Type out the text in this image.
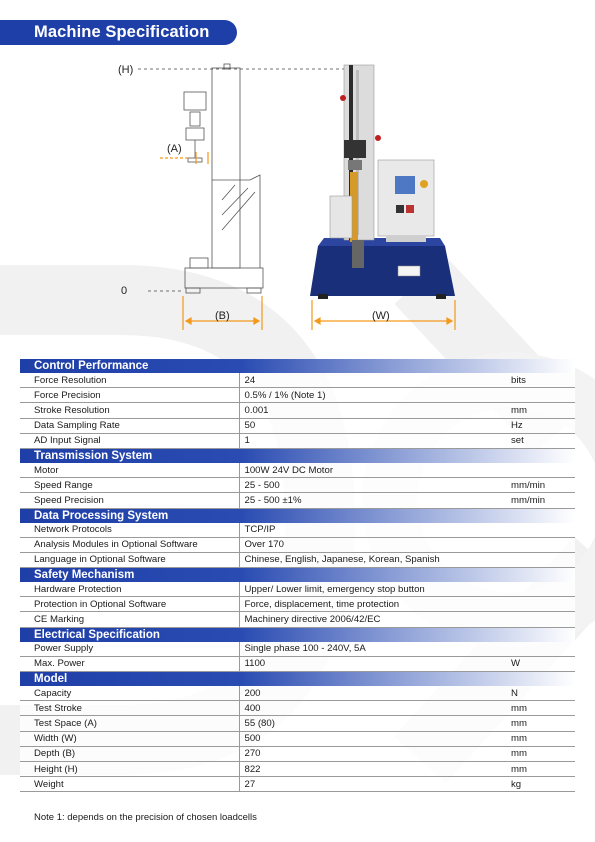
Machine Specification
(H)
(A)
0
(B)	(W)
Control Performance		
Force Resolution	24	bits
Force Precision	0.5% / 1% (Note 1)	
Stroke Resolution	0.001	mm
Data Sampling Rate	50	Hz
AD Input Signal	1	set
Transmission System		
Motor	100W 24V DC Motor	
Speed Range	25 - 500	mm/min
Speed Precision	25 - 500 ±1%	mm/min
Data Processing System		
Network Protocols	TCP/IP	
Analysis Modules in Optional Software	Over 170	
Language in Optional Software	Chinese, English, Japanese, Korean, Spanish	
Safety Mechanism		
Hardware Protection	Upper/ Lower limit, emergency stop button	
Protection in Optional Software	Force, displacement, time protection	
CE Marking	Machinery directive 2006/42/EC	
Electrical Specification		
Power Supply	Single phase 100 - 240V, 5A	
Max. Power	1100	W
Model		
Capacity	200	N
Test Stroke	400	mm
Test Space (A)	55 (80)	mm
Width (W)	500	mm
Depth (B)	270	mm
Height (H)	822	mm
Weight	27	kg
Note 1: depends on the precision of chosen loadcells
